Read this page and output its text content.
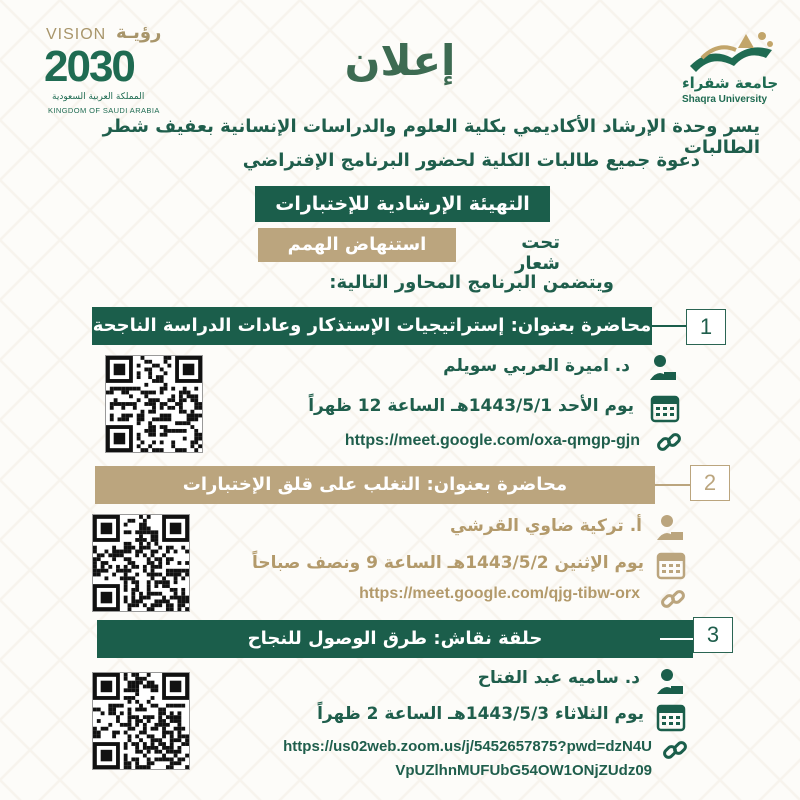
VISION رؤيـة
2030
المملكة العربية السعودية
KINGDOM OF SAUDI ARABIA
إعلان	جامعة شقراء
Shaqra University
يسر وحدة الإرشاد الأكاديمي بكلية العلوم والدراسات الإنسانية بعفيف شطر الطالبات
دعوة جميع طالبات الكلية لحضور البرنامج الإفتراضي
التهيئة الإرشادية للإختبارات
تحت شعار
استنهاض الهمم
ويتضمن البرنامج المحاور التالية:
محاضرة بعنوان: إستراتيجيات الإستذكار وعادات الدراسة الناجحة	1
د. اميرة العربي سويلم
يوم الأحد 1443/5/1هـ الساعة 12 ظهراً
https://meet.google.com/oxa-qmgp-gjn
محاضرة بعنوان: التغلب على قلق الإختبارات	2
أ. تركية ضاوي القرشي
يوم الإثنين 1443/5/2هـ الساعة 9 ونصف صباحاً
https://meet.google.com/qjg-tibw-orx
حلقة نقاش: طرق الوصول للنجاح	3
د. ساميه عبد الفتاح
يوم الثلاثاء 1443/5/3هـ الساعة 2 ظهراً
https://us02web.zoom.us/j/5452657875?pwd=dzN4U
VpUZlhnMUFUbG54OW1ONjZUdz09
